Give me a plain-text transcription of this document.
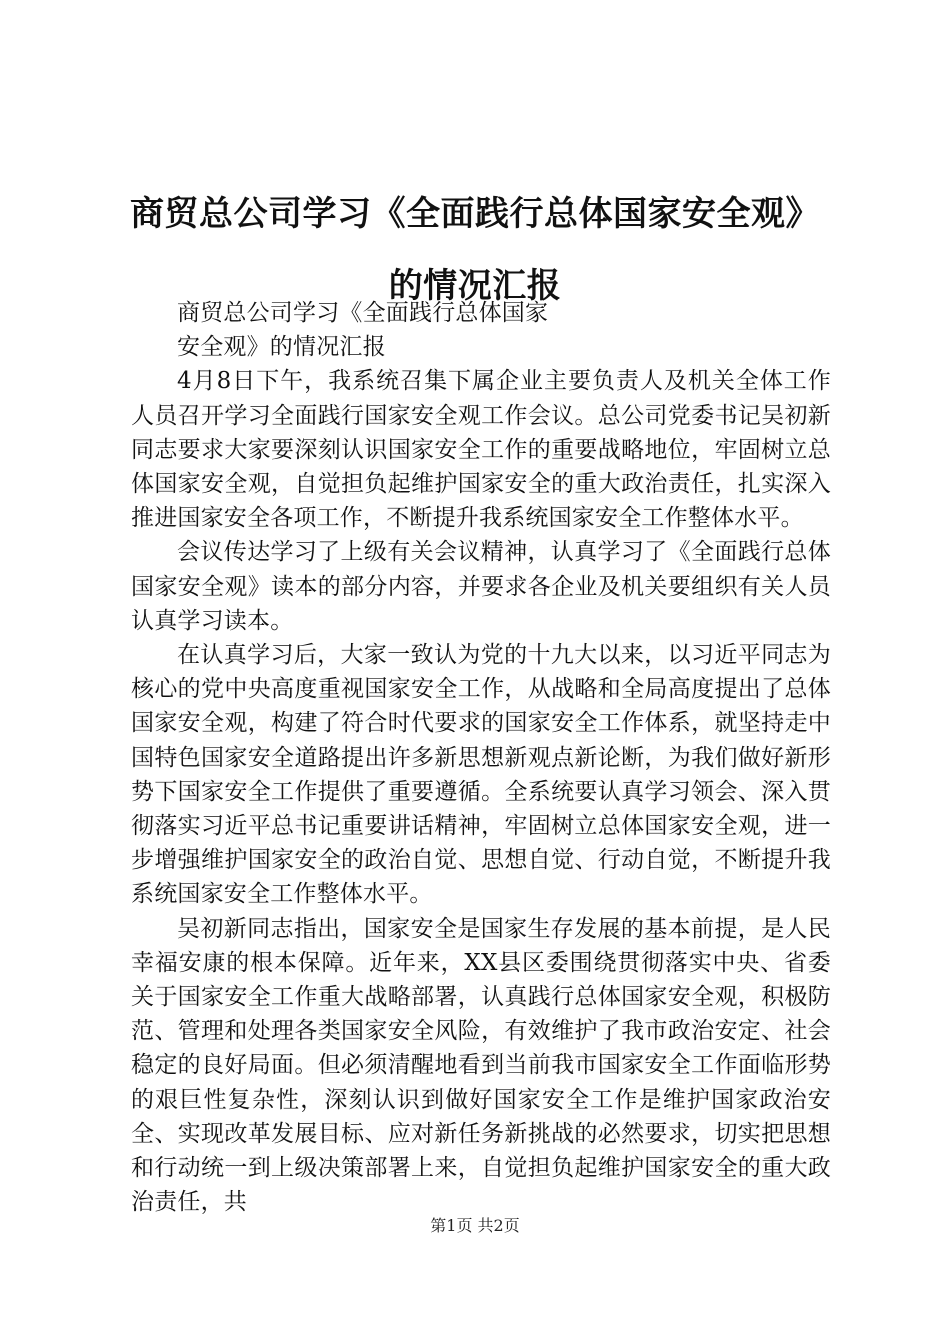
商贸总公司学习《全面践行总体国家安全观》
的情况汇报

商贸总公司学习《全面践行总体国家

安全观》的情况汇报

4月8日下午，我系统召集下属企业主要负责人及机关全体工作人员召开学习全面践行国家安全观工作会议。总公司党委书记吴初新同志要求大家要深刻认识国家安全工作的重要战略地位，牢固树立总体国家安全观，自觉担负起维护国家安全的重大政治责任，扎实深入推进国家安全各项工作，不断提升我系统国家安全工作整体水平。

会议传达学习了上级有关会议精神，认真学习了《全面践行总体国家安全观》读本的部分内容，并要求各企业及机关要组织有关人员认真学习读本。

在认真学习后，大家一致认为党的十九大以来，以习近平同志为核心的党中央高度重视国家安全工作，从战略和全局高度提出了总体国家安全观，构建了符合时代要求的国家安全工作体系，就坚持走中国特色国家安全道路提出许多新思想新观点新论断，为我们做好新形势下国家安全工作提供了重要遵循。全系统要认真学习领会、深入贯彻落实习近平总书记重要讲话精神，牢固树立总体国家安全观，进一步增强维护国家安全的政治自觉、思想自觉、行动自觉，不断提升我系统国家安全工作整体水平。

吴初新同志指出，国家安全是国家生存发展的基本前提，是人民幸福安康的根本保障。近年来，XX县区委围绕贯彻落实中央、省委关于国家安全工作重大战略部署，认真践行总体国家安全观，积极防范、管理和处理各类国家安全风险，有效维护了我市政治安定、社会稳定的良好局面。但必须清醒地看到当前我市国家安全工作面临形势的艰巨性复杂性，深刻认识到做好国家安全工作是维护国家政治安全、实现改革发展目标、应对新任务新挑战的必然要求，切实把思想和行动统一到上级决策部署上来，自觉担负起维护国家安全的重大政治责任，共

第1页 共2页
